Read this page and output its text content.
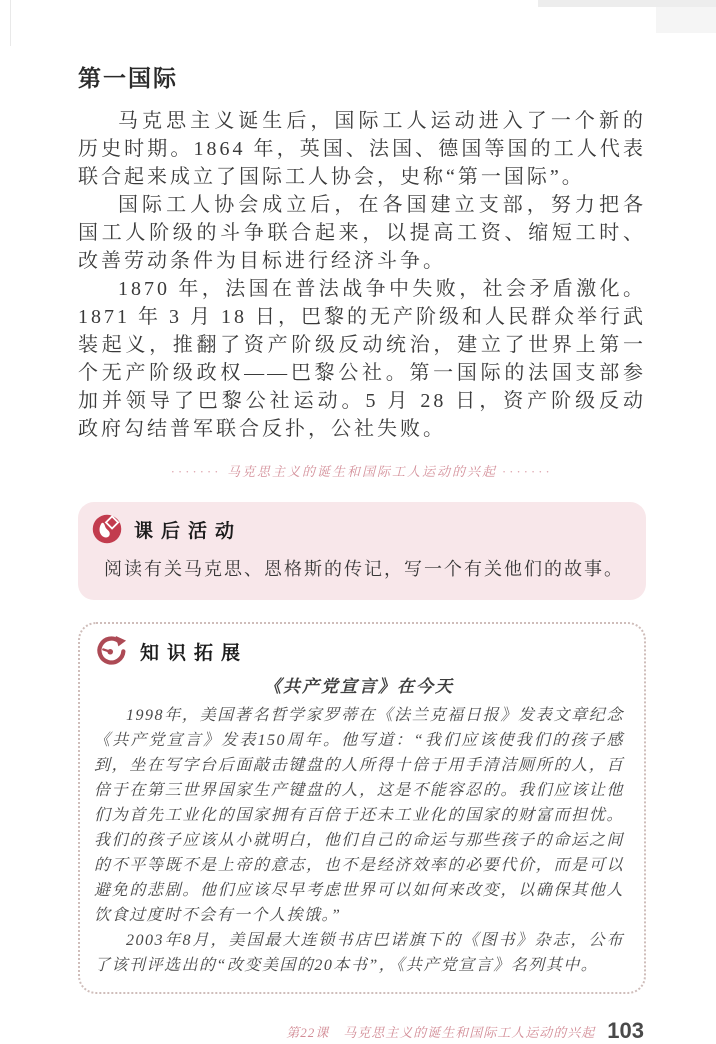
第一国际

马克思主义诞生后，国际工人运动进入了一个新的历史时期。1864 年，英国、法国、德国等国的工人代表联合起来成立了国际工人协会，史称“第一国际”。

国际工人协会成立后，在各国建立支部，努力把各国工人阶级的斗争联合起来，以提高工资、缩短工时、改善劳动条件为目标进行经济斗争。

1870 年，法国在普法战争中失败，社会矛盾激化。1871 年 3 月 18 日，巴黎的无产阶级和人民群众举行武装起义，推翻了资产阶级反动统治，建立了世界上第一个无产阶级政权——巴黎公社。第一国际的法国支部参加并领导了巴黎公社运动。5 月 28 日，资产阶级反动政府勾结普军联合反扑，公社失败。

······· 马克思主义的诞生和国际工人运动的兴起 ·······
课后活动

阅读有关马克思、恩格斯的传记，写一个有关他们的故事。

知识拓展
《共产党宣言》在今天

1998年，美国著名哲学家罗蒂在《法兰克福日报》发表文章纪念《共产党宣言》发表150周年。他写道：“我们应该使我们的孩子感到，坐在写字台后面敲击键盘的人所得十倍于用手清洁厕所的人，百倍于在第三世界国家生产键盘的人，这是不能容忍的。我们应该让他们为首先工业化的国家拥有百倍于还未工业化的国家的财富而担忧。我们的孩子应该从小就明白，他们自己的命运与那些孩子的命运之间的不平等既不是上帝的意志，也不是经济效率的必要代价，而是可以避免的悲剧。他们应该尽早考虑世界可以如何来改变，以确保其他人饮食过度时不会有一个人挨饿。”

2003年8月，美国最大连锁书店巴诺旗下的《图书》杂志，公布了该刊评选出的“改变美国的20本书”，《共产党宣言》名列其中。

第22课　马克思主义的诞生和国际工人运动的兴起 103
